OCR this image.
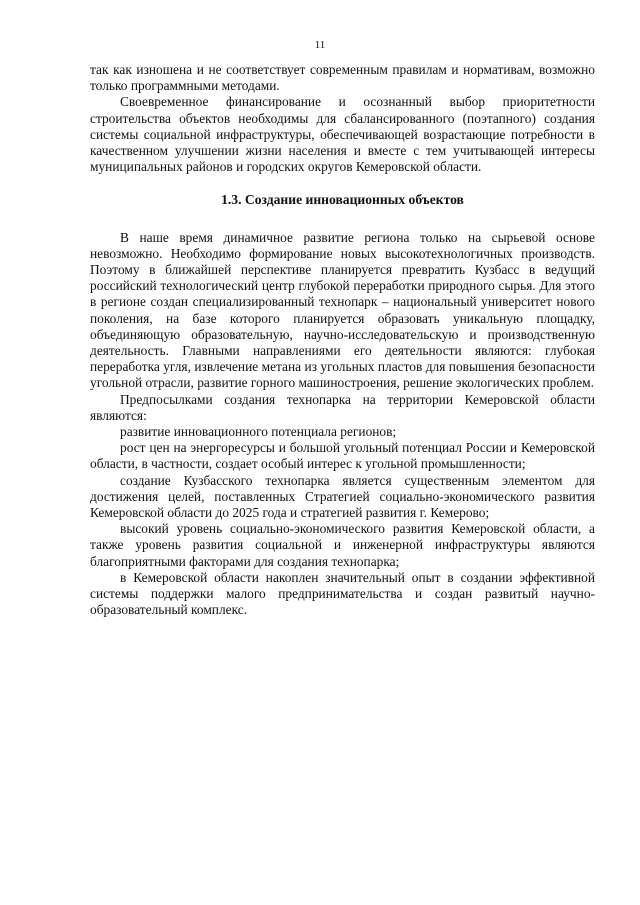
11

так как изношена и не соответствует современным правилам и нормативам, возможно только программными методами.

Своевременное финансирование и осознанный выбор приоритетности строительства объектов необходимы для сбалансированного (поэтапного) создания системы социальной инфраструктуры, обеспечивающей возрастающие потребности в качественном улучшении жизни населения и вместе с тем учитывающей интересы муниципальных районов и городских округов Кемеровской области.

1.3. Создание инновационных объектов

В наше время динамичное развитие региона только на сырьевой основе невозможно. Необходимо формирование новых высокотехнологичных производств. Поэтому в ближайшей перспективе планируется превратить Кузбасс в ведущий российский технологический центр глубокой переработки природного сырья. Для этого в регионе создан специализированный технопарк – национальный университет нового поколения, на базе которого планируется образовать уникальную площадку, объединяющую образовательную, научно-исследовательскую и производственную деятельность. Главными направлениями его деятельности являются: глубокая переработка угля, извлечение метана из угольных пластов для повышения безопасности угольной отрасли, развитие горного машиностроения, решение экологических проблем.

Предпосылками создания технопарка на территории Кемеровской области являются:

развитие инновационного потенциала регионов;

рост цен на энергоресурсы и большой угольный потенциал России и Кемеровской области, в частности, создает особый интерес к угольной промышленности;

создание Кузбасского технопарка является существенным элементом для достижения целей, поставленных Стратегией социально-экономического развития Кемеровской области до 2025 года и стратегией развития г. Кемерово;

высокий уровень социально-экономического развития Кемеровской области, а также уровень развития социальной и инженерной инфраструктуры являются благоприятными факторами для создания технопарка;

в Кемеровской области накоплен значительный опыт в создании эффективной системы поддержки малого предпринимательства и создан развитый научно-образовательный комплекс.
